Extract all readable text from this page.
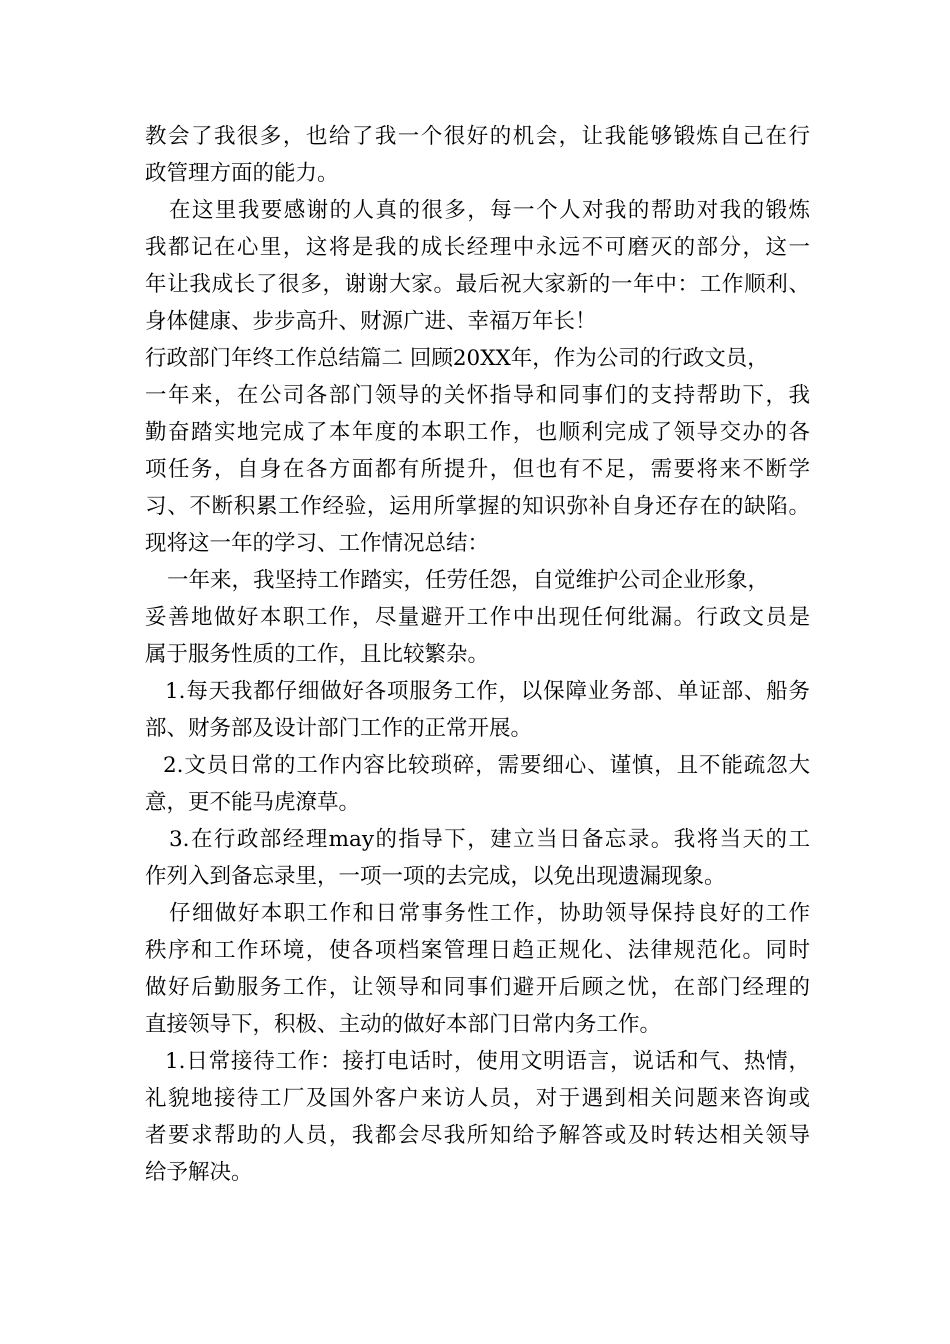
教会了我很多，也给了我一个很好的机会，让我能够锻炼自己在行
政管理方面的能力。
在这里我要感谢的人真的很多，每一个人对我的帮助对我的锻炼
我都记在心里，这将是我的成长经理中永远不可磨灭的部分，这一
年让我成长了很多，谢谢大家。最后祝大家新的一年中：工作顺利、
身体健康、步步高升、财源广进、幸福万年长！
行政部门年终工作总结篇二 回顾20XX年，作为公司的行政文员，
一年来，在公司各部门领导的关怀指导和同事们的支持帮助下，我
勤奋踏实地完成了本年度的本职工作，也顺利完成了领导交办的各
项任务，自身在各方面都有所提升，但也有不足，需要将来不断学
习、不断积累工作经验，运用所掌握的知识弥补自身还存在的缺陷。
现将这一年的学习、工作情况总结：
一年来，我坚持工作踏实，任劳任怨，自觉维护公司企业形象，
妥善地做好本职工作，尽量避开工作中出现任何纰漏。行政文员是
属于服务性质的工作，且比较繁杂。
1.每天我都仔细做好各项服务工作，以保障业务部、单证部、船务
部、财务部及设计部门工作的正常开展。
2.文员日常的工作内容比较琐碎，需要细心、谨慎，且不能疏忽大
意，更不能马虎潦草。
3.在行政部经理may的指导下，建立当日备忘录。我将当天的工
作列入到备忘录里，一项一项的去完成，以免出现遗漏现象。
仔细做好本职工作和日常事务性工作，协助领导保持良好的工作
秩序和工作环境，使各项档案管理日趋正规化、法律规范化。同时
做好后勤服务工作，让领导和同事们避开后顾之忧，在部门经理的
直接领导下，积极、主动的做好本部门日常内务工作。
1.日常接待工作：接打电话时，使用文明语言，说话和气、热情，
礼貌地接待工厂及国外客户来访人员，对于遇到相关问题来咨询或
者要求帮助的人员，我都会尽我所知给予解答或及时转达相关领导
给予解决。
